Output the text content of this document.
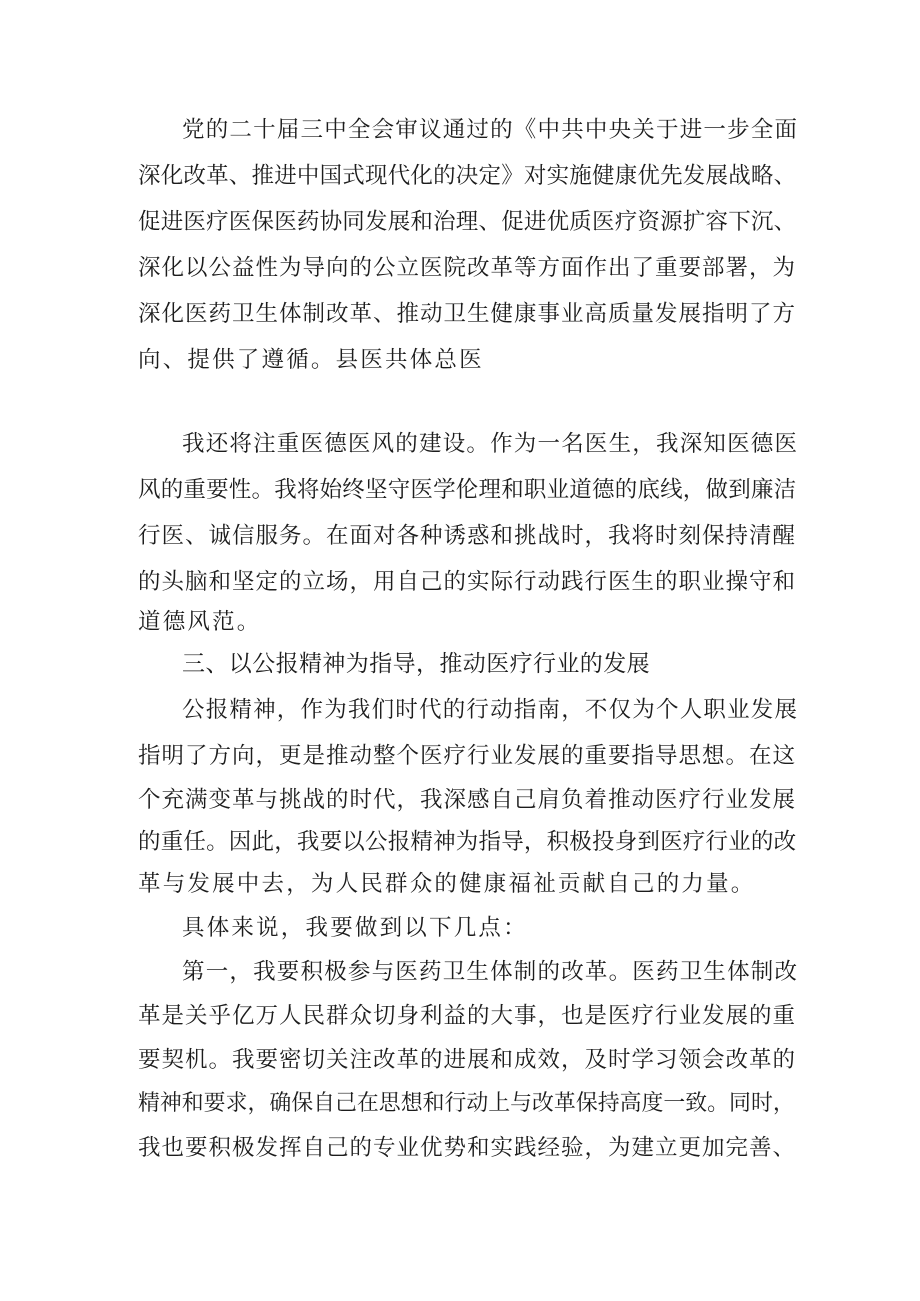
党的二十届三中全会审议通过的《中共中央关于进一步全面
深化改革、推进中国式现代化的决定》对实施健康优先发展战略、
促进医疗医保医药协同发展和治理、促进优质医疗资源扩容下沉、
深化以公益性为导向的公立医院改革等方面作出了重要部署，为
深化医药卫生体制改革、推动卫生健康事业高质量发展指明了方
向、提供了遵循。县医共体总医
我还将注重医德医风的建设。作为一名医生，我深知医德医
风的重要性。我将始终坚守医学伦理和职业道德的底线，做到廉洁
行医、诚信服务。在面对各种诱惑和挑战时，我将时刻保持清醒
的头脑和坚定的立场，用自己的实际行动践行医生的职业操守和
道德风范。
三、以公报精神为指导，推动医疗行业的发展
公报精神，作为我们时代的行动指南，不仅为个人职业发展
指明了方向，更是推动整个医疗行业发展的重要指导思想。在这
个充满变革与挑战的时代，我深感自己肩负着推动医疗行业发展
的重任。因此，我要以公报精神为指导，积极投身到医疗行业的改
革与发展中去，为人民群众的健康福祉贡献自己的力量。
具体来说，我要做到以下几点：
第一，我要积极参与医药卫生体制的改革。医药卫生体制改
革是关乎亿万人民群众切身利益的大事，也是医疗行业发展的重
要契机。我要密切关注改革的进展和成效，及时学习领会改革的
精神和要求，确保自己在思想和行动上与改革保持高度一致。同时，
我也要积极发挥自己的专业优势和实践经验，为建立更加完善、
